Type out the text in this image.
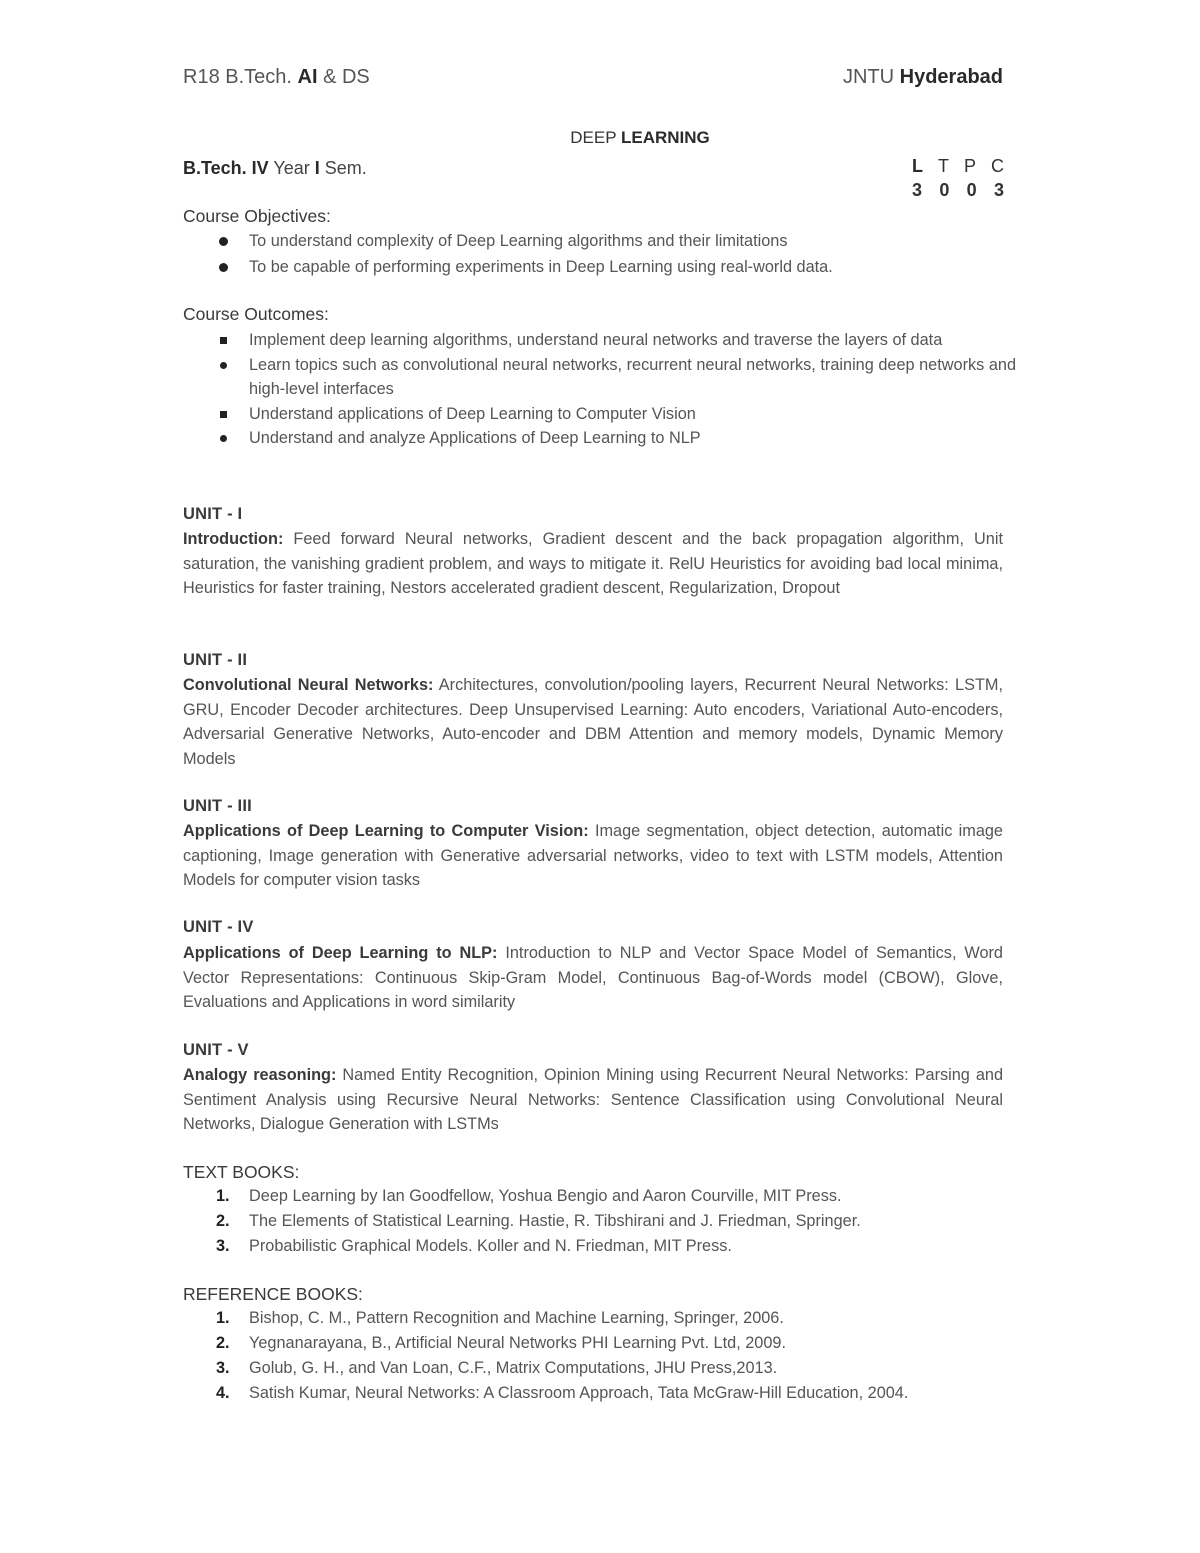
R18 B.Tech. AI & DS	JNTU Hyderabad
DEEP LEARNING
B.Tech. IV Year I Sem.	L T P C
3 0 0 3
Course Objectives:
To understand complexity of Deep Learning algorithms and their limitations
To be capable of performing experiments in Deep Learning using real-world data.
Course Outcomes:
Implement deep learning algorithms, understand neural networks and traverse the layers of data
Learn topics such as convolutional neural networks, recurrent neural networks, training deep networks and high-level interfaces
Understand applications of Deep Learning to Computer Vision
Understand and analyze Applications of Deep Learning to NLP
UNIT - I
Introduction: Feed forward Neural networks, Gradient descent and the back propagation algorithm, Unit saturation, the vanishing gradient problem, and ways to mitigate it. RelU Heuristics for avoiding bad local minima, Heuristics for faster training, Nestors accelerated gradient descent, Regularization, Dropout
UNIT - II
Convolutional Neural Networks: Architectures, convolution/pooling layers, Recurrent Neural Networks: LSTM, GRU, Encoder Decoder architectures. Deep Unsupervised Learning: Auto encoders, Variational Auto-encoders, Adversarial Generative Networks, Auto-encoder and DBM Attention and memory models, Dynamic Memory Models
UNIT - III
Applications of Deep Learning to Computer Vision: Image segmentation, object detection, automatic image captioning, Image generation with Generative adversarial networks, video to text with LSTM models, Attention Models for computer vision tasks
UNIT - IV
Applications of Deep Learning to NLP: Introduction to NLP and Vector Space Model of Semantics, Word Vector Representations: Continuous Skip-Gram Model, Continuous Bag-of-Words model (CBOW), Glove, Evaluations and Applications in word similarity
UNIT - V
Analogy reasoning: Named Entity Recognition, Opinion Mining using Recurrent Neural Networks: Parsing and Sentiment Analysis using Recursive Neural Networks: Sentence Classification using Convolutional Neural Networks, Dialogue Generation with LSTMs
TEXT BOOKS:
1. Deep Learning by Ian Goodfellow, Yoshua Bengio and Aaron Courville, MIT Press.
2. The Elements of Statistical Learning. Hastie, R. Tibshirani and J. Friedman, Springer.
3. Probabilistic Graphical Models. Koller and N. Friedman, MIT Press.
REFERENCE BOOKS:
1. Bishop, C. M., Pattern Recognition and Machine Learning, Springer, 2006.
2. Yegnanarayana, B., Artificial Neural Networks PHI Learning Pvt. Ltd, 2009.
3. Golub, G. H., and Van Loan, C.F., Matrix Computations, JHU Press,2013.
4. Satish Kumar, Neural Networks: A Classroom Approach, Tata McGraw-Hill Education, 2004.
